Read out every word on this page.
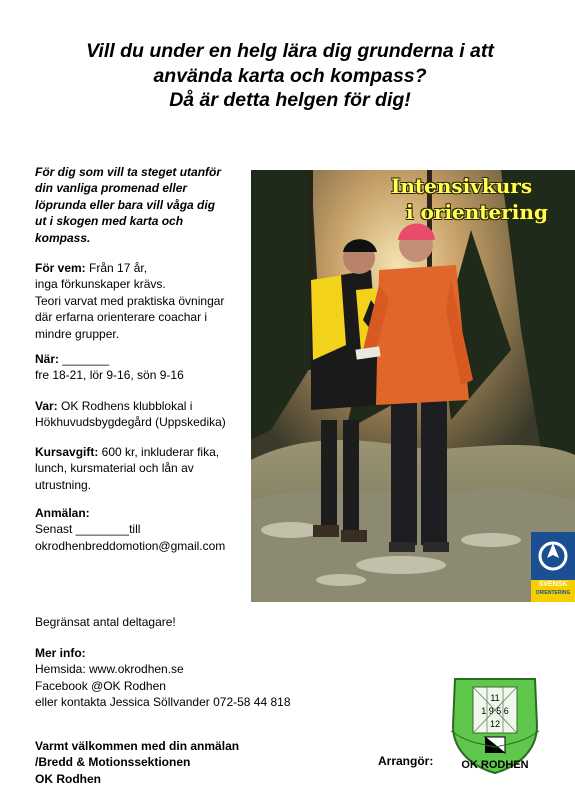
Vill du under en helg lära dig grunderna i att
använda karta och kompass?
Då är detta helgen för dig!
För dig som vill ta steget utanför
din vanliga promenad eller
löprunda eller bara vill våga dig
ut i skogen med karta och
kompass.
För vem: Från 17 år,
inga förkunskaper krävs.
Teori varvat med praktiska övningar
där erfarna orienterare coachar i
mindre grupper.
När: _______
fre 18-21, lör 9-16, sön 9-16
Var: OK Rodhens klubblokal i
Hökhuvudsbygdegård (Uppskedika)
Kursavgift: 600 kr, inkluderar fika,
lunch, kursmaterial och lån av
utrustning.
Anmälan:
Senast ________till
okrodhenbreddomotion@gmail.com
Begränsat antal deltagare!
Mer info:
Hemsida: www.okrodhen.se
Facebook @OK Rodhen
eller kontakta Jessica Söllvander 072-58 44 818
Varmt välkommen med din anmälan
/Bredd & Motionssektionen
OK Rodhen
Arrangör:
Intensivkurs
i orientering
SVENSK
ORIENTERING
11
1 9 5 6
12
OK RODHEN
